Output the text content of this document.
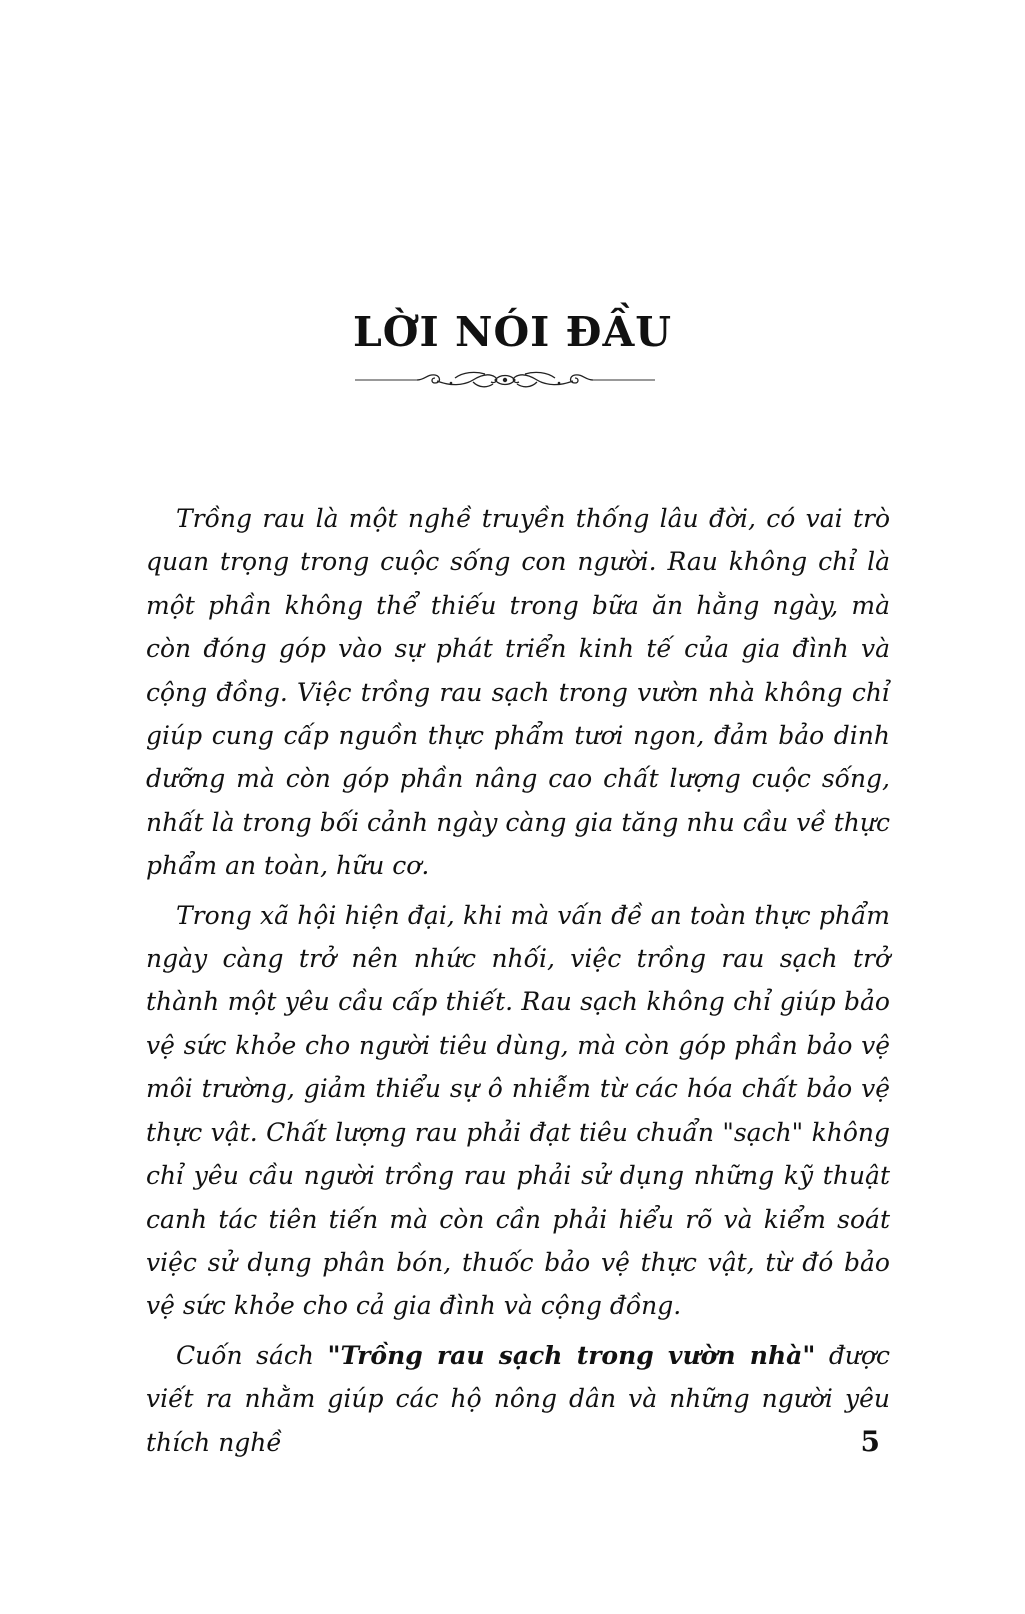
LỜI NÓI ĐẦU

Trồng rau là một nghề truyền thống lâu đời, có vai trò quan trọng trong cuộc sống con người. Rau không chỉ là một phần không thể thiếu trong bữa ăn hằng ngày, mà còn đóng góp vào sự phát triển kinh tế của gia đình và cộng đồng. Việc trồng rau sạch trong vườn nhà không chỉ giúp cung cấp nguồn thực phẩm tươi ngon, đảm bảo dinh dưỡng mà còn góp phần nâng cao chất lượng cuộc sống, nhất là trong bối cảnh ngày càng gia tăng nhu cầu về thực phẩm an toàn, hữu cơ.

Trong xã hội hiện đại, khi mà vấn đề an toàn thực phẩm ngày càng trở nên nhức nhối, việc trồng rau sạch trở thành một yêu cầu cấp thiết. Rau sạch không chỉ giúp bảo vệ sức khỏe cho người tiêu dùng, mà còn góp phần bảo vệ môi trường, giảm thiểu sự ô nhiễm từ các hóa chất bảo vệ thực vật. Chất lượng rau phải đạt tiêu chuẩn "sạch" không chỉ yêu cầu người trồng rau phải sử dụng những kỹ thuật canh tác tiên tiến mà còn cần phải hiểu rõ và kiểm soát việc sử dụng phân bón, thuốc bảo vệ thực vật, từ đó bảo vệ sức khỏe cho cả gia đình và cộng đồng.

Cuốn sách "Trồng rau sạch trong vườn nhà" được viết ra nhằm giúp các hộ nông dân và những người yêu thích nghề	5
